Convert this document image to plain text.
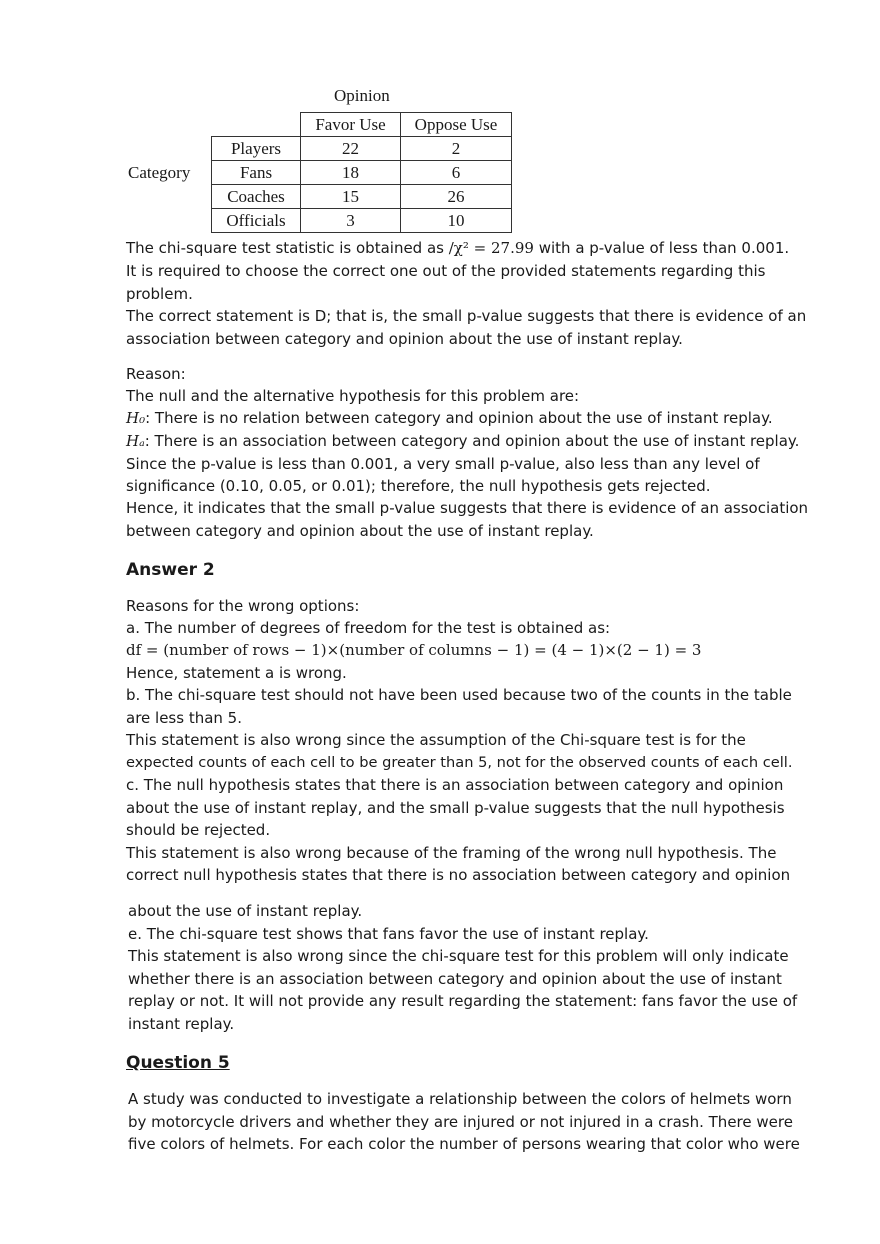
Opinion
Category
	Favor Use	Oppose Use
Players	22	2
Fans	18	6
Coaches	15	26
Officials	3	10
The chi-square test statistic is obtained as /χ² = 27.99 with a p-value of less than 0.001.
It is required to choose the correct one out of the provided statements regarding this
problem.
The correct statement is D; that is, the small p-value suggests that there is evidence of an
association between category and opinion about the use of instant replay.
Reason:
The null and the alternative hypothesis for this problem are:
H₀: There is no relation between category and opinion about the use of instant replay.
Hₐ: There is an association between category and opinion about the use of instant replay.
Since the p-value is less than 0.001, a very small p-value, also less than any level of
significance (0.10, 0.05, or 0.01); therefore, the null hypothesis gets rejected.
Hence, it indicates that the small p-value suggests that there is evidence of an association
between category and opinion about the use of instant replay.
Answer 2
Reasons for the wrong options:
a. The number of degrees of freedom for the test is obtained as:
df = (number of rows − 1)×(number of columns − 1) = (4 − 1)×(2 − 1) = 3
Hence, statement a is wrong.
b. The chi-square test should not have been used because two of the counts in the table
are less than 5.
This statement is also wrong since the assumption of the Chi-square test is for the
expected counts of each cell to be greater than 5, not for the observed counts of each cell.
c. The null hypothesis states that there is an association between category and opinion
about the use of instant replay, and the small p-value suggests that the null hypothesis
should be rejected.
This statement is also wrong because of the framing of the wrong null hypothesis. The
correct null hypothesis states that there is no association between category and opinion
about the use of instant replay.
e. The chi-square test shows that fans favor the use of instant replay.
This statement is also wrong since the chi-square test for this problem will only indicate
whether there is an association between category and opinion about the use of instant
replay or not. It will not provide any result regarding the statement: fans favor the use of
instant replay.
Question 5
A study was conducted to investigate a relationship between the colors of helmets worn
by motorcycle drivers and whether they are injured or not injured in a crash. There were
five colors of helmets. For each color the number of persons wearing that color who were
